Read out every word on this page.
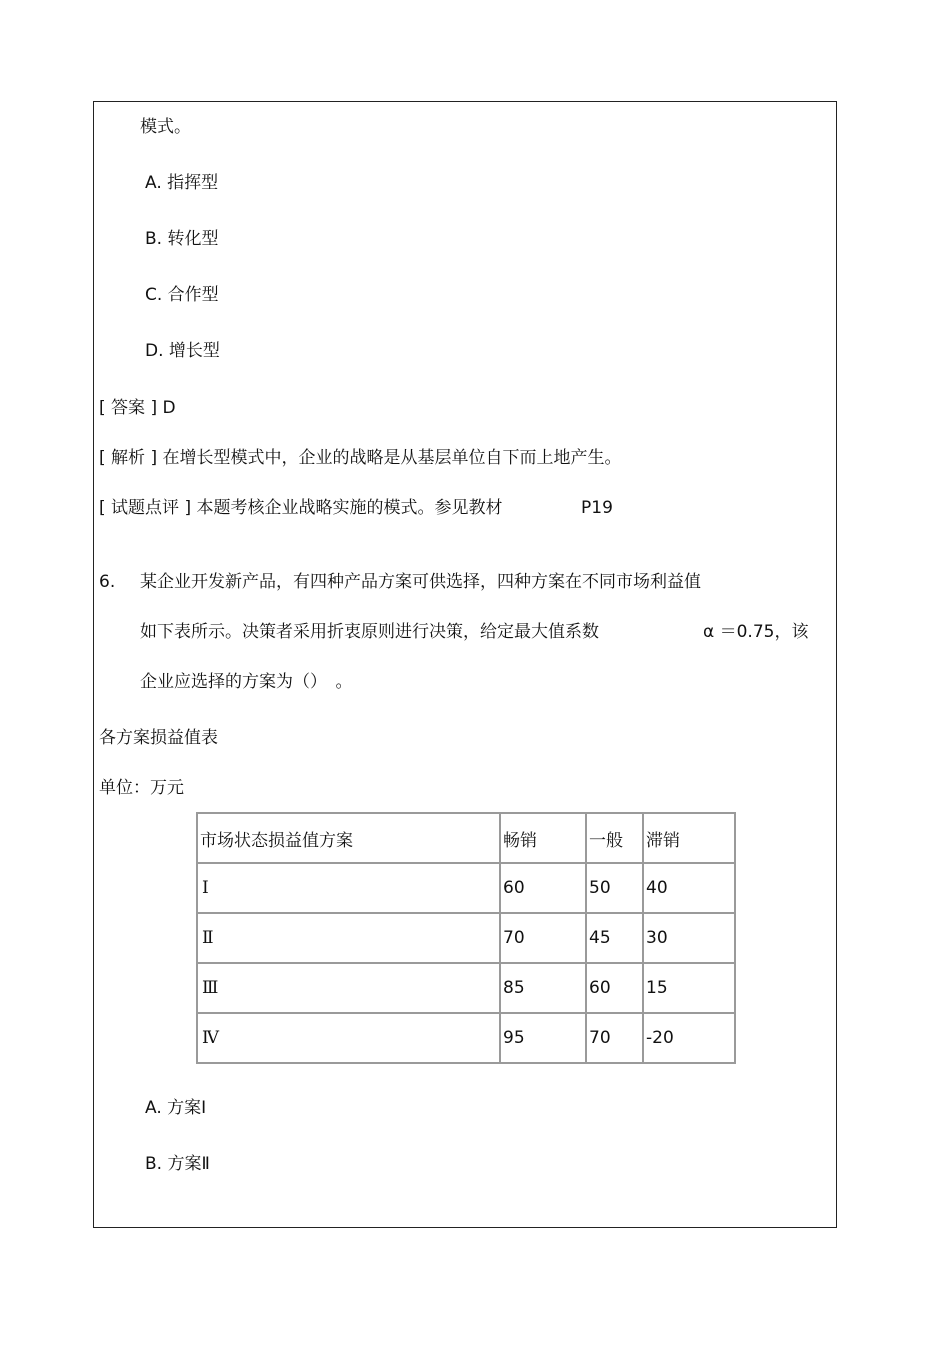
模式。
A. 指挥型
B. 转化型
C. 合作型
D. 增长型
[ 答案 ] D
[ 解析 ] 在增长型模式中，企业的战略是从基层单位自下而上地产生。
[ 试题点评 ] 本题考核企业战略实施的模式。参见教材	P19
6. 某企业开发新产品，有四种产品方案可供选择，四种方案在不同市场利益值
如下表所示。决策者采用折衷原则进行决策，给定最大值系数	α ＝0.75，该
企业应选择的方案为（）　。
各方案损益值表
单位：万元
市场状态损益值方案	畅销	一般	滞销
Ⅰ	60	50	40
Ⅱ	70	45	30
Ⅲ	85	60	15
Ⅳ	95	70	-20
A. 方案Ⅰ
B. 方案Ⅱ
